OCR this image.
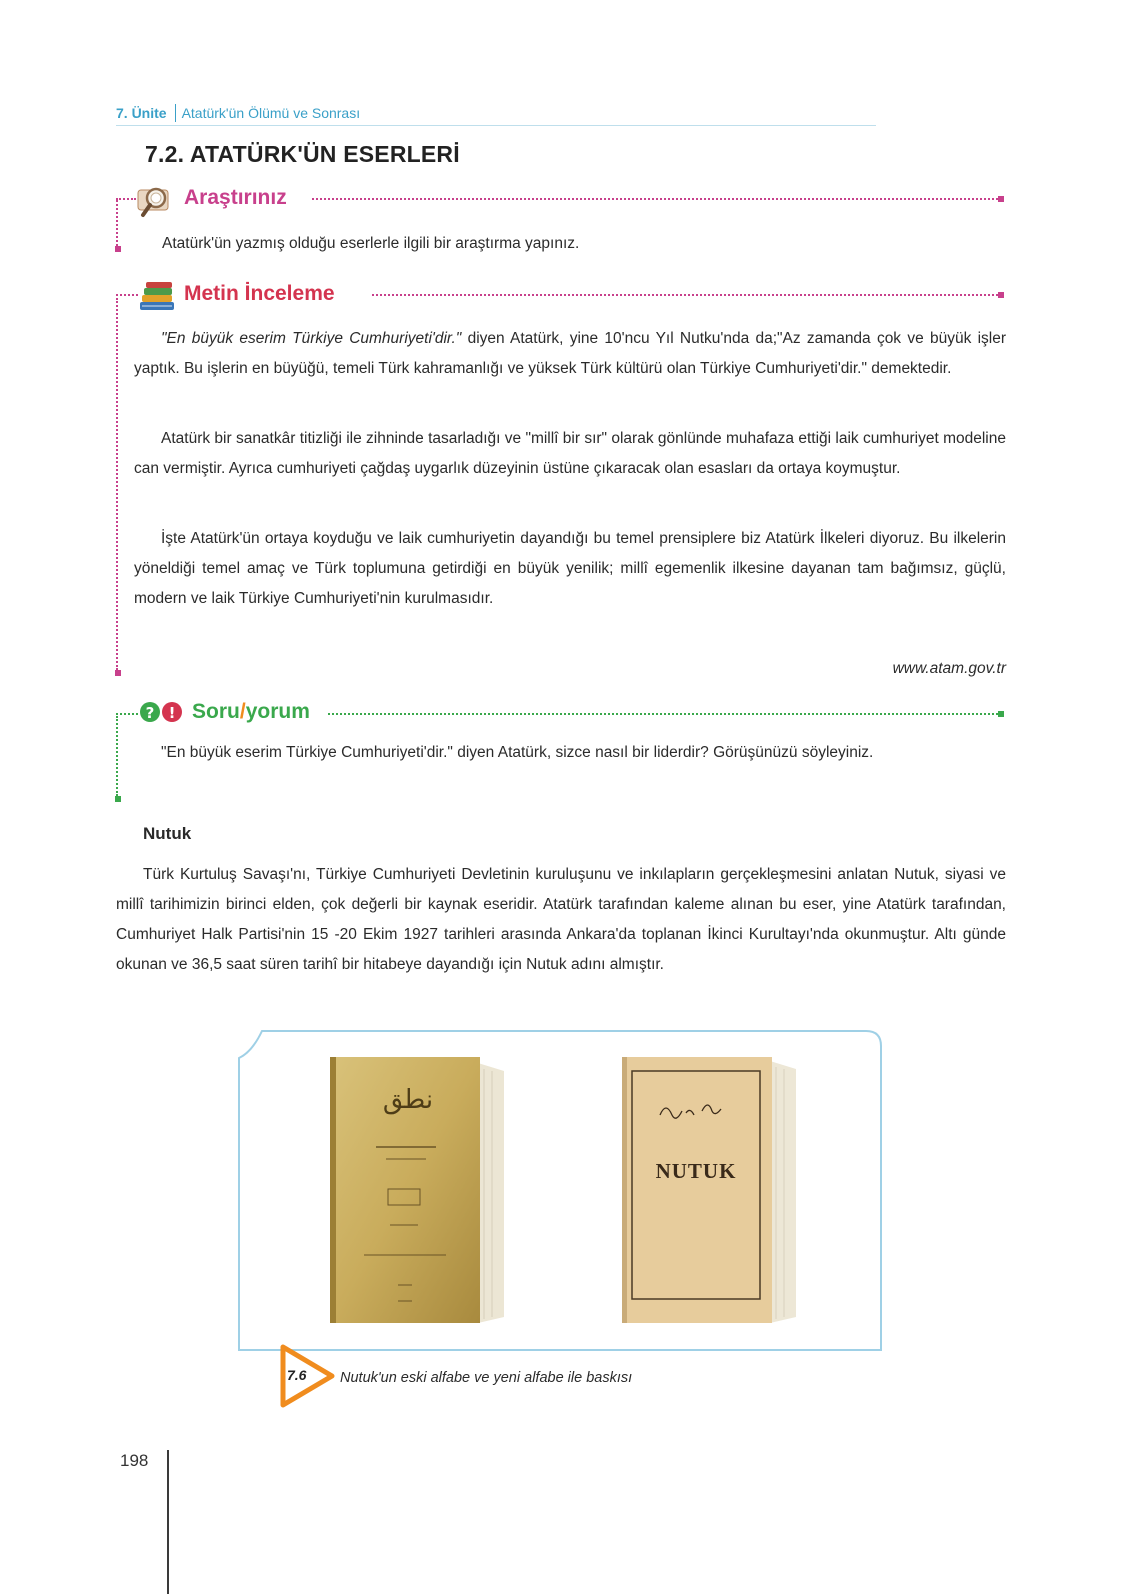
7. Ünite Atatürk'ün Ölümü ve Sonrası
7.2. ATATÜRK'ÜN ESERLERİ
Araştırınız
Atatürk'ün yazmış olduğu eserlerle ilgili bir araştırma yapınız.
Metin İnceleme
"En büyük eserim Türkiye Cumhuriyeti'dir." diyen Atatürk, yine 10'ncu Yıl Nutku'nda da;"Az zamanda çok ve büyük işler yaptık. Bu işlerin en büyüğü, temeli Türk kahramanlığı ve yüksek Türk kültürü olan Türkiye Cumhuriyeti'dir." demektedir.
Atatürk bir sanatkâr titizliği ile zihninde tasarladığı ve "millî bir sır" olarak gönlünde muhafaza ettiği laik cumhuriyet modeline can vermiştir. Ayrıca cumhuriyeti çağdaş uygarlık düzeyinin üstüne çıkaracak olan esasları da ortaya koymuştur.
İşte Atatürk'ün ortaya koyduğu ve laik cumhuriyetin dayandığı bu temel prensiplere biz Atatürk İlkeleri diyoruz. Bu ilkelerin yöneldiği temel amaç ve Türk toplumuna getirdiği en büyük yenilik; millî egemenlik ilkesine dayanan tam bağımsız, güçlü, modern ve laik Türkiye Cumhuriyeti'nin kurulmasıdır.
www.atam.gov.tr
? ! Soru/yorum
"En büyük eserim Türkiye Cumhuriyeti'dir." diyen Atatürk, sizce nasıl bir liderdir? Görüşünüzü söyleyiniz.
Nutuk
Türk Kurtuluş Savaşı'nı, Türkiye Cumhuriyeti Devletinin kuruluşunu ve inkılapların gerçekleşmesini anlatan Nutuk, siyasi ve millî tarihimizin birinci elden, çok değerli bir kaynak eseridir. Atatürk tarafından kaleme alınan bu eser, yine Atatürk tarafından, Cumhuriyet Halk Partisi'nin 15 -20 Ekim 1927 tarihleri arasında Ankara'da toplanan İkinci Kurultayı'nda okunmuştur. Altı günde okunan ve 36,5 saat süren tarihî bir hitabeye dayandığı için Nutuk adını almıştır.
نطق
NUTUK
7.6 Nutuk'un eski alfabe ve yeni alfabe ile baskısı
198
